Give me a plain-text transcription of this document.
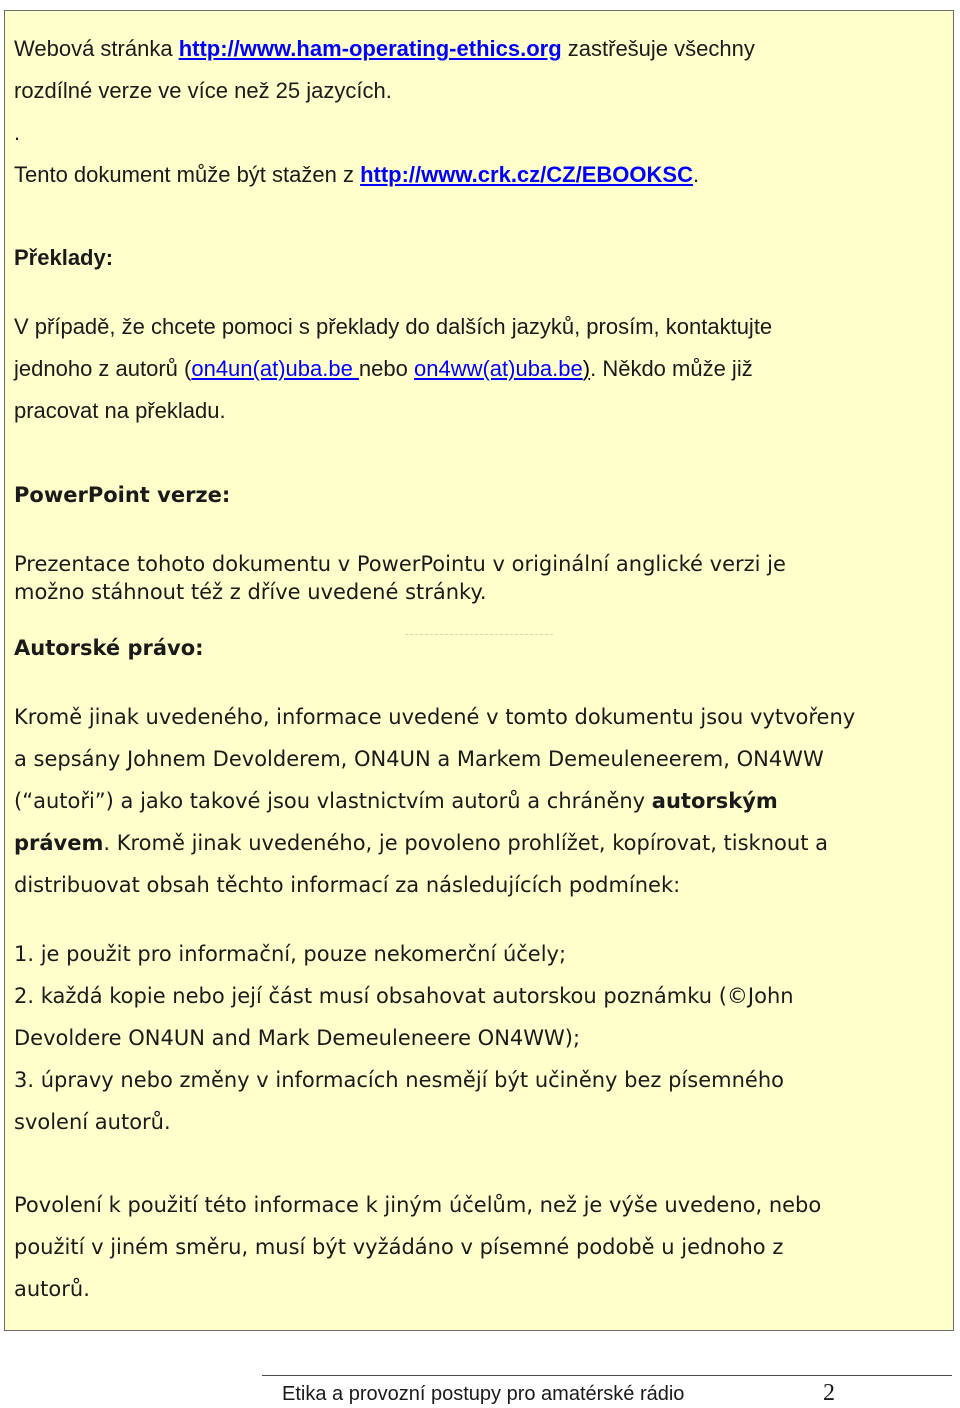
Webová stránka http://www.ham-operating-ethics.org zastřešuje všechny
rozdílné verze ve více než 25 jazycích.
.
Tento dokument může být stažen z http://www.crk.cz/CZ/EBOOKSC.
Překlady:
V případě, že chcete pomoci s překlady do dalších jazyků, prosím, kontaktujte
jednoho z autorů (on4un(at)uba.be nebo on4ww(at)uba.be). Někdo může již
pracovat na překladu.
PowerPoint verze:
Prezentace tohoto dokumentu v PowerPointu v originální anglické verzi je
možno stáhnout též z dříve uvedené stránky.
Autorské právo:
Kromě jinak uvedeného, informace uvedené v tomto dokumentu jsou vytvořeny
a sepsány Johnem Devolderem, ON4UN a Markem Demeuleneerem, ON4WW
(“autoři”) a jako takové jsou vlastnictvím autorů a chráněny autorským
právem. Kromě jinak uvedeného, je povoleno prohlížet, kopírovat, tisknout a
distribuovat obsah těchto informací za následujících podmínek:
1. je použit pro informační, pouze nekomerční účely;
2. každá kopie nebo její část musí obsahovat autorskou poznámku (©John
Devoldere ON4UN and Mark Demeuleneere ON4WW);
3. úpravy nebo změny v informacích nesmějí být učiněny bez písemného
svolení autorů.
Povolení k použití této informace k jiným účelům, než je výše uvedeno, nebo
použití v jiném směru, musí být vyžádáno v písemné podobě u jednoho z
autorů.
Etika a provozní postupy pro amatérské rádio	2
